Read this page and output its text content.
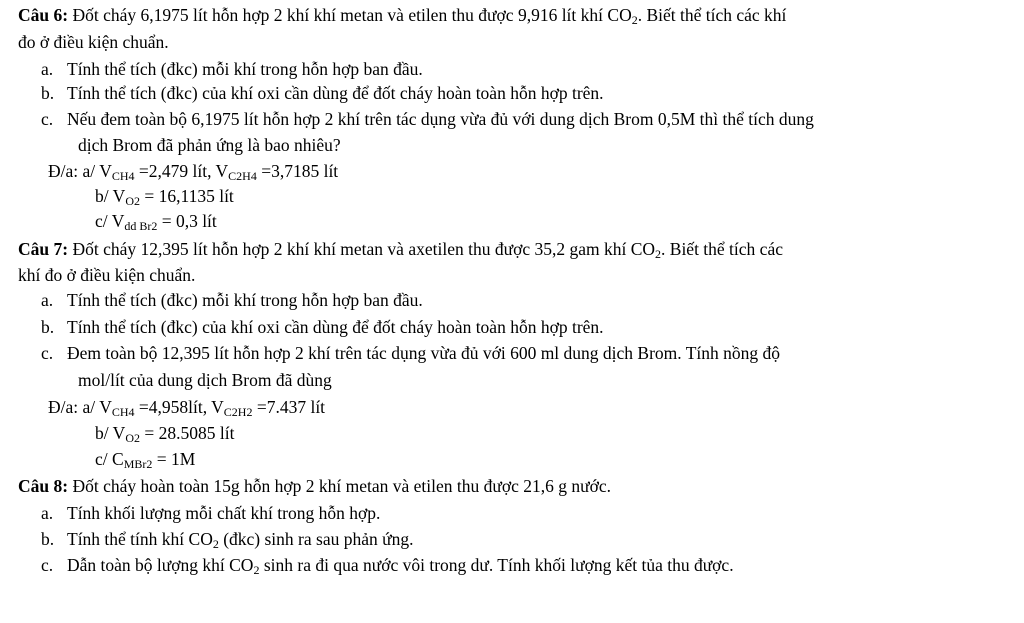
Câu 6: Đốt cháy 6,1975 lít hỗn hợp 2 khí khí metan và etilen thu được 9,916 lít khí $CO_2$. Biết thể tích các khí
đo ở điều kiện chuẩn.
a. Tính thể tích (đkc) mỗi khí trong hỗn hợp ban đầu.
b. Tính thể tích (đkc) của khí oxi cần dùng để đốt cháy hoàn toàn hỗn hợp trên.
c. Nếu đem toàn bộ 6,1975 lít hỗn hợp 2 khí trên tác dụng vừa đủ với dung dịch Brom 0,5M thì thể tích dung
dịch Brom đã phản ứng là bao nhiêu?
Đ/a: a/ $V_{CH4} =2,479$ lít, $V_{C2H4} =3,7185$ lít
b/ $V_{O2} = 16,1135$ lít
c/ $V_{dd Br2} = 0,3$ lít
Câu 7: Đốt cháy 12,395 lít hỗn hợp 2 khí khí metan và axetilen thu được 35,2 gam khí $CO_2$. Biết thể tích các
khí đo ở điều kiện chuẩn.
a. Tính thể tích (đkc) mỗi khí trong hỗn hợp ban đầu.
b. Tính thể tích (đkc) của khí oxi cần dùng để đốt cháy hoàn toàn hỗn hợp trên.
c. Đem toàn bộ 12,395 lít hỗn hợp 2 khí trên tác dụng vừa đủ với 600 ml dung dịch Brom. Tính nồng độ
mol/lít của dung dịch Brom đã dùng
Đ/a: a/ $V_{CH4}$ =4,958lít, $V_{C2H2} =7.437$ lít
b/ $V_{O2} = 28.5085$ lít
c/ $C_{MBr2} = 1M$
Câu 8: Đốt cháy hoàn toàn 15g hỗn hợp 2 khí metan và etilen thu được 21,6 g nước.
a. Tính khối lượng mỗi chất khí trong hỗn hợp.
b. Tính thể tính khí $CO_2$ (đkc) sinh ra sau phản ứng.
c. Dẫn toàn bộ lượng khí $CO_2$ sinh ra đi qua nước vôi trong dư. Tính khối lượng kết tủa thu được.
